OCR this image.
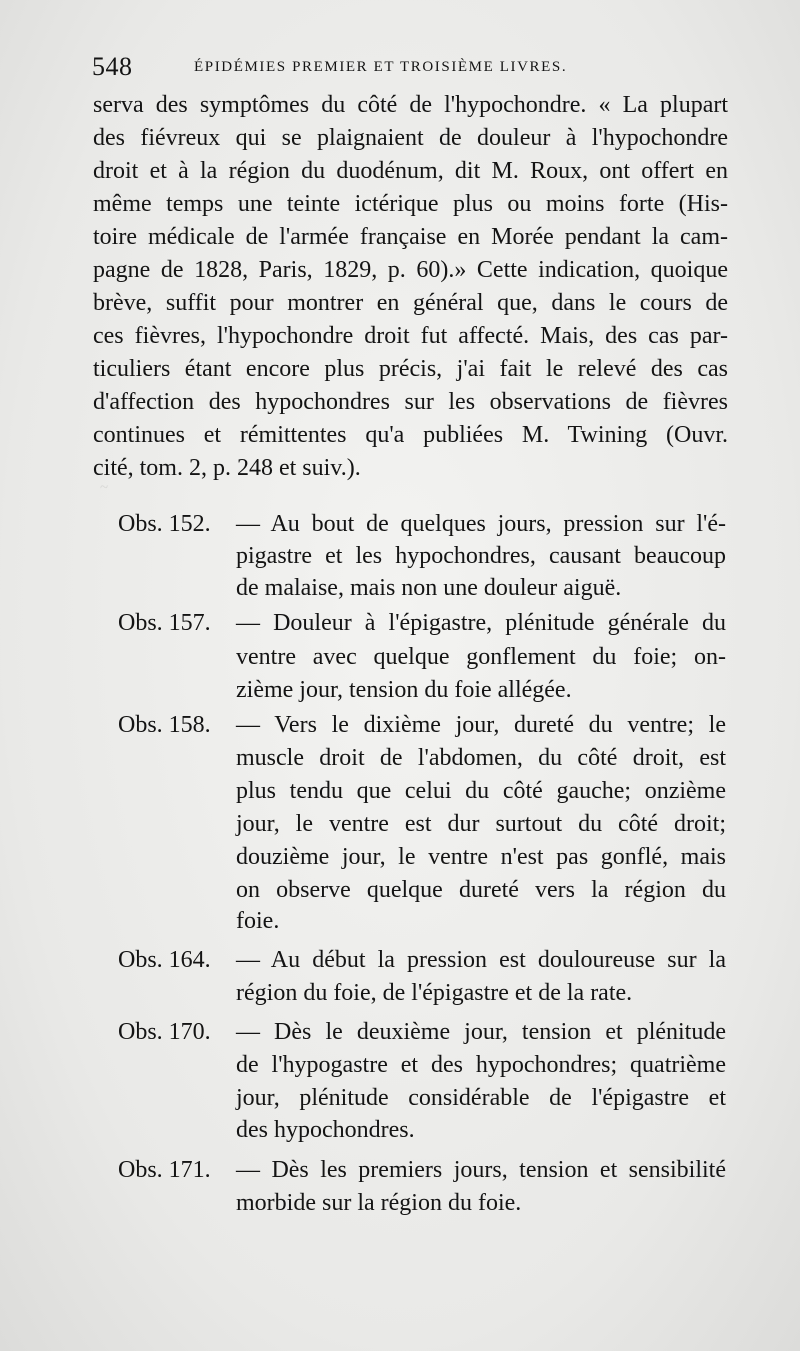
~
548	ÉPIDÉMIES PREMIER ET TROISIÈME LIVRES.
serva des symptômes du côté de l'hypochondre. « La plupart
des fiévreux qui se plaignaient de douleur à l'hypochondre
droit et à la région du duodénum, dit M. Roux, ont offert en
même temps une teinte ictérique plus ou moins forte (His-
toire médicale de l'armée française en Morée pendant la cam-
pagne de 1828, Paris, 1829, p. 60).» Cette indication, quoique
brève, suffit pour montrer en général que, dans le cours de
ces fièvres, l'hypochondre droit fut affecté. Mais, des cas par-
ticuliers étant encore plus précis, j'ai fait le relevé des cas
d'affection des hypochondres sur les observations de fièvres
continues et rémittentes qu'a publiées M. Twining (Ouvr.
cité, tom. 2, p. 248 et suiv.).
Obs. 152.	— Au bout de quelques jours, pression sur l'é-
pigastre et les hypochondres, causant beaucoup
de malaise, mais non une douleur aiguë.
Obs. 157.	— Douleur à l'épigastre, plénitude générale du
ventre avec quelque gonflement du foie; on-
zième jour, tension du foie allégée.
Obs. 158.	— Vers le dixième jour, dureté du ventre; le
muscle droit de l'abdomen, du côté droit, est
plus tendu que celui du côté gauche; onzième
jour, le ventre est dur surtout du côté droit;
douzième jour, le ventre n'est pas gonflé, mais
on observe quelque dureté vers la région du
foie.
Obs. 164.	— Au début la pression est douloureuse sur la
région du foie, de l'épigastre et de la rate.
Obs. 170.	— Dès le deuxième jour, tension et plénitude
de l'hypogastre et des hypochondres; quatrième
jour, plénitude considérable de l'épigastre et
des hypochondres.
Obs. 171.	— Dès les premiers jours, tension et sensibilité
morbide sur la région du foie.
